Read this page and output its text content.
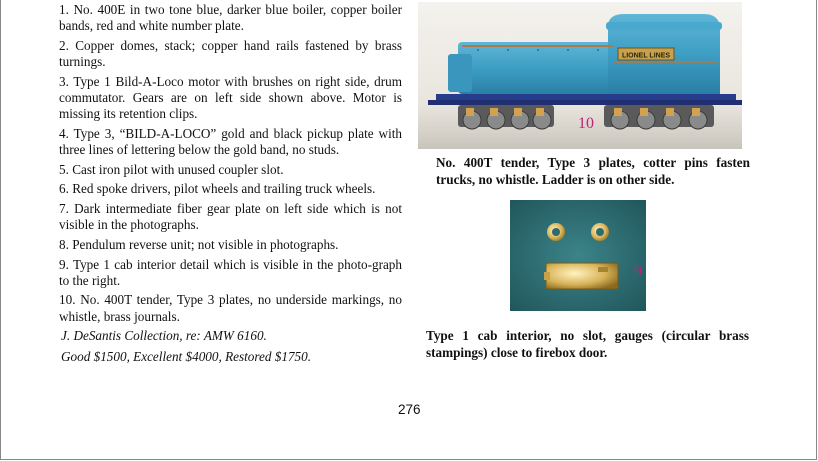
1. No. 400E in two tone blue, darker blue boiler, copper boiler bands, red and white number plate.

2. Copper domes, stack; copper hand rails fastened by brass turnings.

3. Type 1 Bild-A-Loco motor with brushes on right side, drum commutator. Gears are on left side shown above. Motor is missing its retention clips.

4. Type 3, “BILD-A-LOCO” gold and black pickup plate with three lines of lettering below the gold band, no studs.

5. Cast iron pilot with unused coupler slot.

6. Red spoke drivers, pilot wheels and trailing truck wheels.

7. Dark intermediate fiber gear plate on left side which is not visible in the photographs.

8. Pendulum reverse unit; not visible in photographs.

9. Type 1 cab interior detail which is visible in the photo-graph to the right.

10. No. 400T tender, Type 3 plates, no underside markings, no whistle, brass journals.

J. DeSantis Collection, re: AMW 6160.

Good $1500, Excellent $4000, Restored $1750.

LIONEL LINES
10
No. 400T tender, Type 3 plates, cotter pins fasten trucks, no whistle. Ladder is on other side.
9
Type 1 cab interior, no slot, gauges (circular brass stampings) close to firebox door.
276
